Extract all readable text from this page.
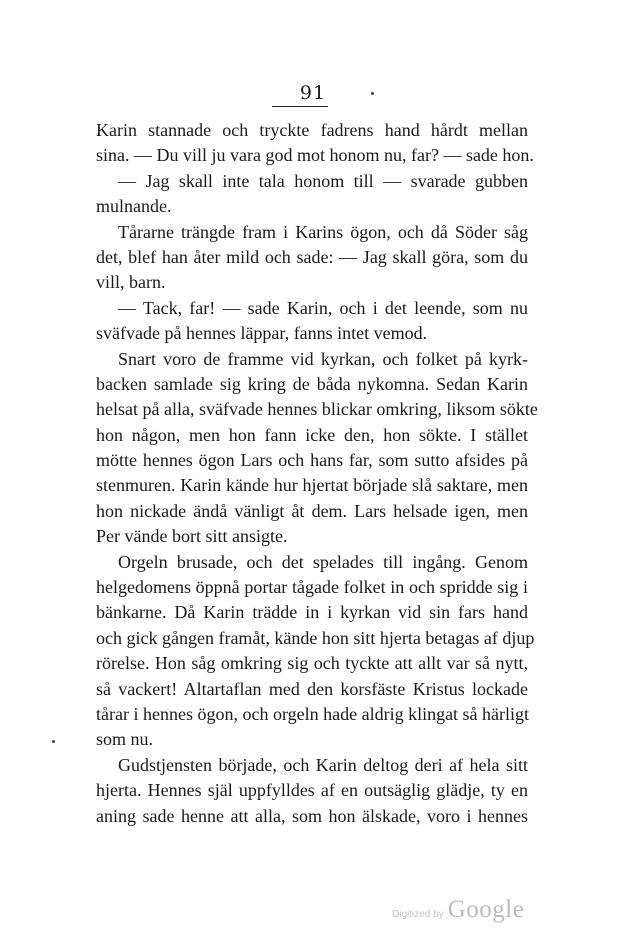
91
Karin stannade och tryckte fadrens hand hårdt mellan
sina. — Du vill ju vara god mot honom nu, far? — sade hon.
— Jag skall inte tala honom till — svarade gubben
mulnande.
Tårarne trängde fram i Karins ögon, och då Söder såg
det, blef han åter mild och sade: — Jag skall göra, som du
vill, barn.
— Tack, far! — sade Karin, och i det leende, som nu
sväfvade på hennes läppar, fanns intet vemod.
Snart voro de framme vid kyrkan, och folket på kyrk-
backen samlade sig kring de båda nykomna. Sedan Karin
helsat på alla, sväfvade hennes blickar omkring, liksom sökte
hon någon, men hon fann icke den, hon sökte. I stället
mötte hennes ögon Lars och hans far, som sutto afsides på
stenmuren. Karin kände hur hjertat började slå saktare, men
hon nickade ändå vänligt åt dem. Lars helsade igen, men
Per vände bort sitt ansigte.
Orgeln brusade, och det spelades till ingång. Genom
helgedomens öppnå portar tågade folket in och spridde sig i
bänkarne. Då Karin trädde in i kyrkan vid sin fars hand
och gick gången framåt, kände hon sitt hjerta betagas af djup
rörelse. Hon såg omkring sig och tyckte att allt var så nytt,
så vackert! Altartaflan med den korsfäste Kristus lockade
tårar i hennes ögon, och orgeln hade aldrig klingat så härligt
som nu.
Gudstjensten började, och Karin deltog deri af hela sitt
hjerta. Hennes själ uppfylldes af en outsäglig glädje, ty en
aning sade henne att alla, som hon älskade, voro i hennes
Digitized by Google
